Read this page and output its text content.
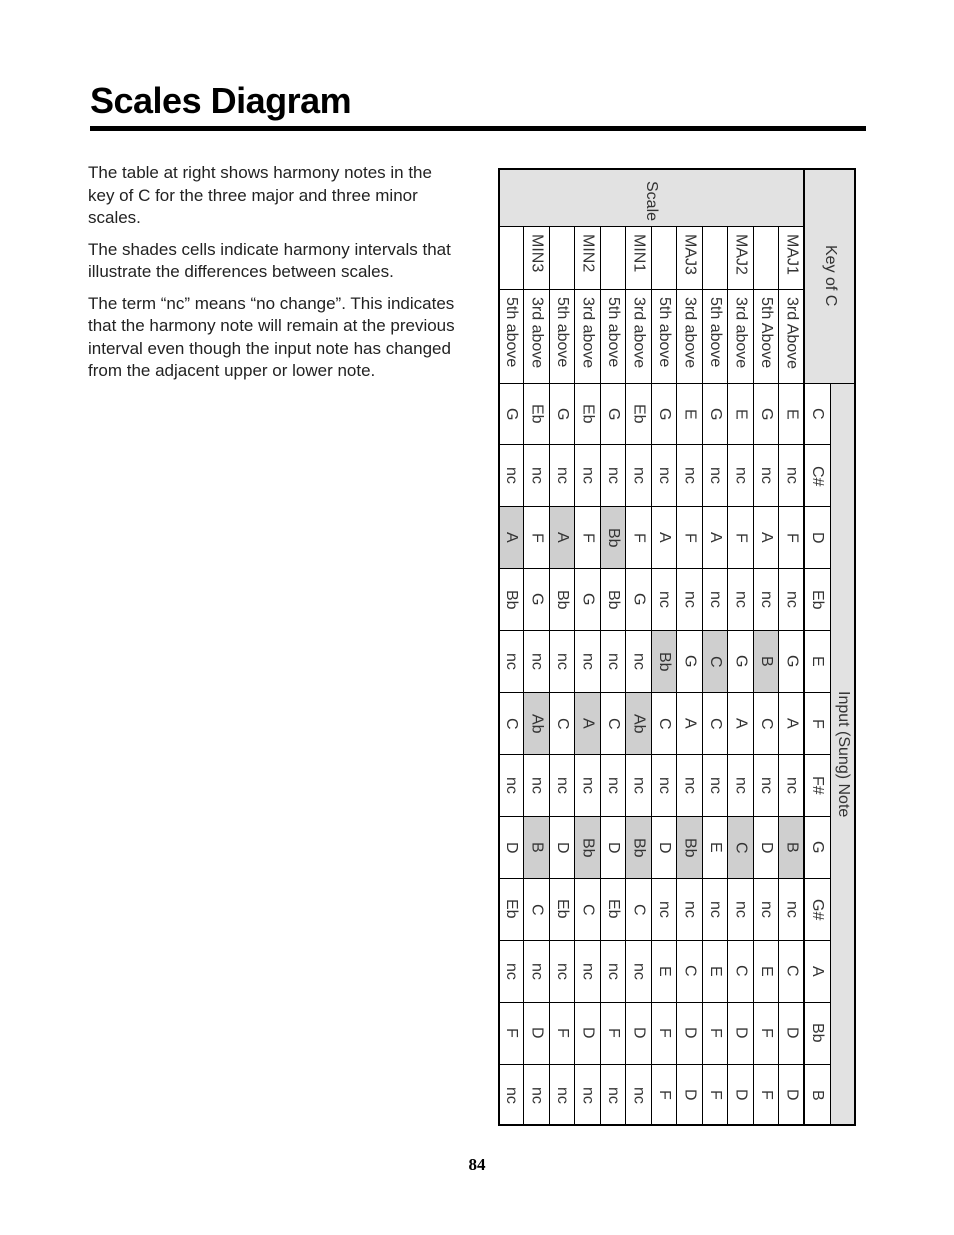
Scales Diagram

The table at right shows harmony notes in the key of C for the three major and three minor scales.

The shades cells indicate harmony intervals that illustrate the differences between scales.

The term “nc” means “no change”. This indicates that the harmony note will remain at the previous interval even though the input note has changed from the adjacent upper or lower note.

Scale
Key of C
Input (Sung) Note
C
C#
D
Eb
E
F
F#
G
G#
A
Bb
B
MAJ1
3rd Above
E
nc
F
nc
G
A
nc
B
nc
C
D
D
5th Above
G
nc
A
nc
B
C
nc
D
nc
E
F
F
MAJ2
3rd above
E
nc
F
nc
G
A
nc
C
nc
C
D
D
5th above
G
nc
A
nc
C
C
nc
E
nc
E
F
F
MAJ3
3rd above
E
nc
F
nc
G
A
nc
Bb
nc
C
D
D
5th above
G
nc
A
nc
Bb
C
nc
D
nc
E
F
F
MIN1
3rd above
Eb
nc
F
G
nc
Ab
nc
Bb
C
nc
D
nc
5th above
G
nc
Bb
Bb
nc
C
nc
D
Eb
nc
F
nc
MIN2
3rd above
Eb
nc
F
G
nc
A
nc
Bb
C
nc
D
nc
5th above
G
nc
A
Bb
nc
C
nc
D
Eb
nc
F
nc
MIN3
3rd above
Eb
nc
F
G
nc
Ab
nc
B
C
nc
D
nc
5th above
G
nc
A
Bb
nc
C
nc
D
Eb
nc
F
nc
84
